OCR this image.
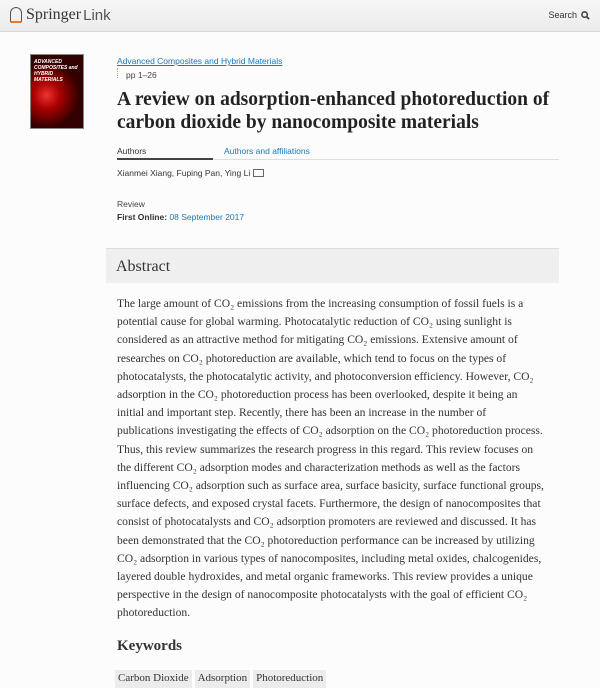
Springer Link	Search
ADVANCED COMPOSITES and HYBRID MATERIALS
Advanced Composites and Hybrid Materials
pp 1–26
A review on adsorption-enhanced photoreduction of carbon dioxide by nanocomposite materials
Authors	Authors and affiliations
Xianmei Xiang, Fuping Pan, Ying Li
Review
First Online: 08 September 2017
Abstract
The large amount of CO₂ emissions from the increasing consumption of fossil fuels is a
potential cause for global warming. Photocatalytic reduction of CO₂ using sunlight is
considered as an attractive method for mitigating CO₂ emissions. Extensive amount of
researches on CO₂ photoreduction are available, which tend to focus on the types of
photocatalysts, the photocatalytic activity, and photoconversion efficiency. However, CO₂
adsorption in the CO₂ photoreduction process has been overlooked, despite it being an
initial and important step. Recently, there has been an increase in the number of
publications investigating the effects of CO₂ adsorption on the CO₂ photoreduction process.
Thus, this review summarizes the research progress in this regard. This review focuses on
the different CO₂ adsorption modes and characterization methods as well as the factors
influencing CO₂ adsorption such as surface area, surface basicity, surface functional groups,
surface defects, and exposed crystal facets. Furthermore, the design of nanocomposites that
consist of photocatalysts and CO₂ adsorption promoters are reviewed and discussed. It has
been demonstrated that the CO₂ photoreduction performance can be increased by utilizing
CO₂ adsorption in various types of nanocomposites, including metal oxides, chalcogenides,
layered double hydroxides, and metal organic frameworks. This review provides a unique
perspective in the design of nanocomposite photocatalysts with the goal of efficient CO₂
photoreduction.
Keywords
Carbon Dioxide Adsorption Photoreduction
